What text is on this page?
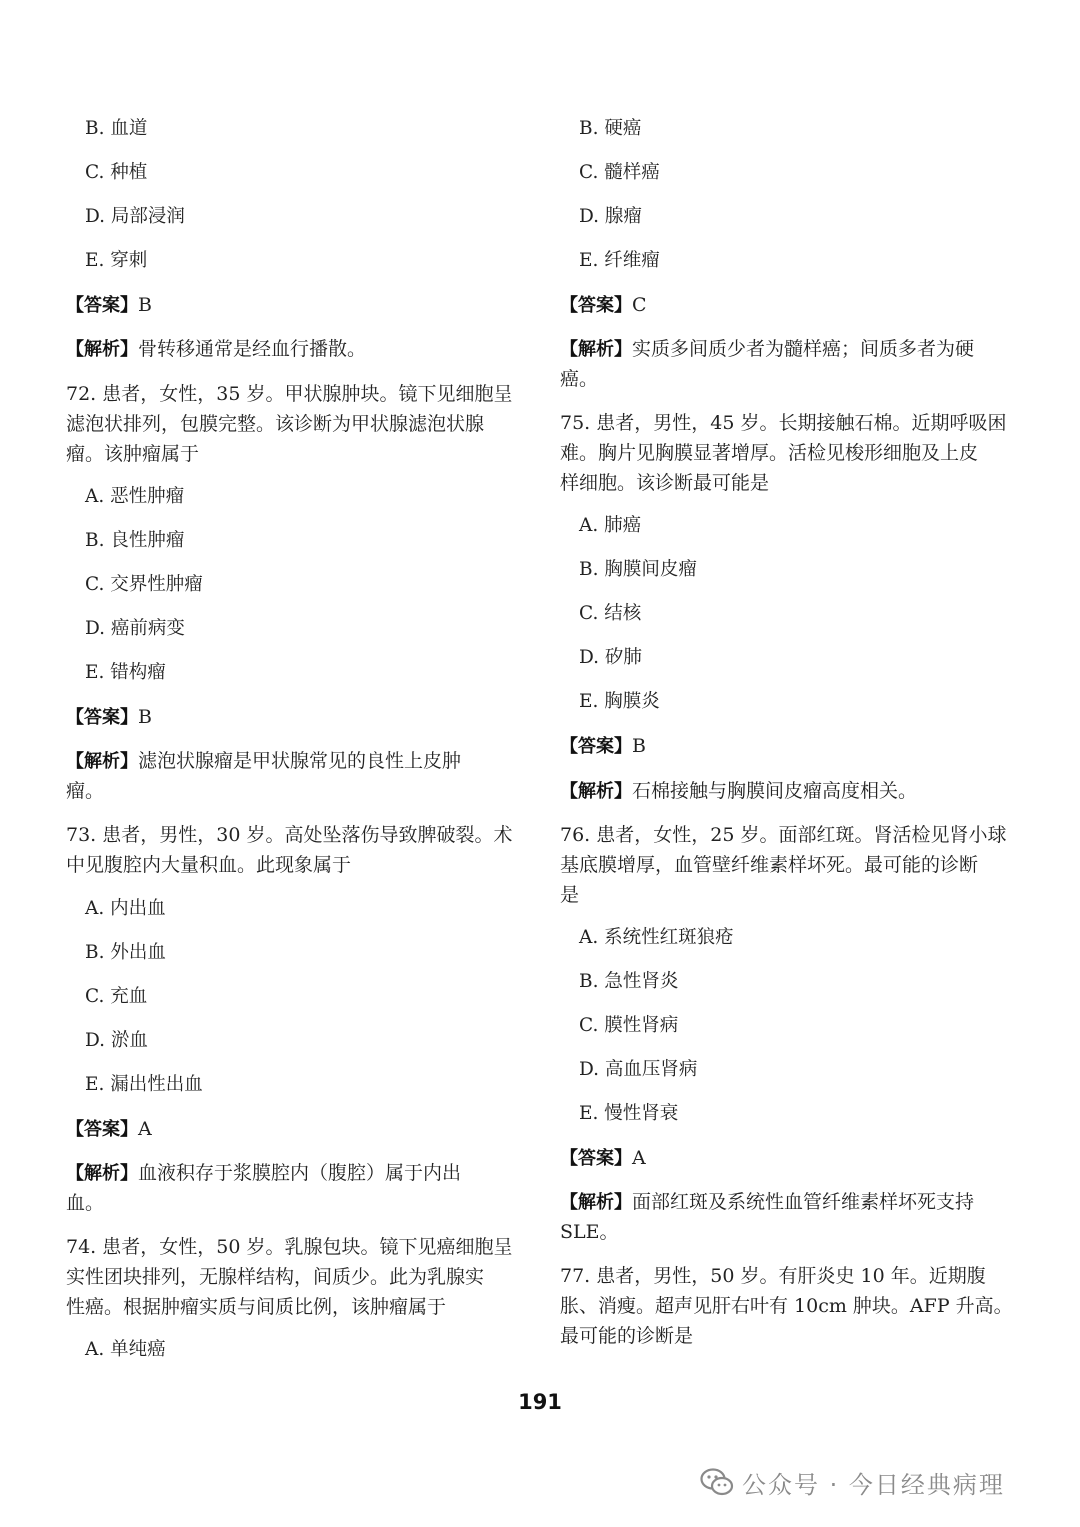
B. 血道
C. 种植
D. 局部浸润
E. 穿刺
【答案】B
【解析】骨转移通常是经血行播散。
72. 患者，女性，35 岁。甲状腺肿块。镜下见细胞呈
滤泡状排列，包膜完整。该诊断为甲状腺滤泡状腺
瘤。该肿瘤属于
A. 恶性肿瘤
B. 良性肿瘤
C. 交界性肿瘤
D. 癌前病变
E. 错构瘤
【答案】B
【解析】滤泡状腺瘤是甲状腺常见的良性上皮肿
瘤。
73. 患者，男性，30 岁。高处坠落伤导致脾破裂。术
中见腹腔内大量积血。此现象属于
A. 内出血
B. 外出血
C. 充血
D. 淤血
E. 漏出性出血
【答案】A
【解析】血液积存于浆膜腔内（腹腔）属于内出
血。
74. 患者，女性，50 岁。乳腺包块。镜下见癌细胞呈
实性团块排列，无腺样结构，间质少。此为乳腺实
性癌。根据肿瘤实质与间质比例，该肿瘤属于
A. 单纯癌
B. 硬癌
C. 髓样癌
D. 腺瘤
E. 纤维瘤
【答案】C
【解析】实质多间质少者为髓样癌；间质多者为硬
癌。
75. 患者，男性，45 岁。长期接触石棉。近期呼吸困
难。胸片见胸膜显著增厚。活检见梭形细胞及上皮
样细胞。该诊断最可能是
A. 肺癌
B. 胸膜间皮瘤
C. 结核
D. 矽肺
E. 胸膜炎
【答案】B
【解析】石棉接触与胸膜间皮瘤高度相关。
76. 患者，女性，25 岁。面部红斑。肾活检见肾小球
基底膜增厚，血管壁纤维素样坏死。最可能的诊断
是
A. 系统性红斑狼疮
B. 急性肾炎
C. 膜性肾病
D. 高血压肾病
E. 慢性肾衰
【答案】A
【解析】面部红斑及系统性血管纤维素样坏死支持
SLE。
77. 患者，男性，50 岁。有肝炎史 10 年。近期腹
胀、消瘦。超声见肝右叶有 10cm 肿块。AFP 升高。
最可能的诊断是
191
公众号 · 今日经典病理
